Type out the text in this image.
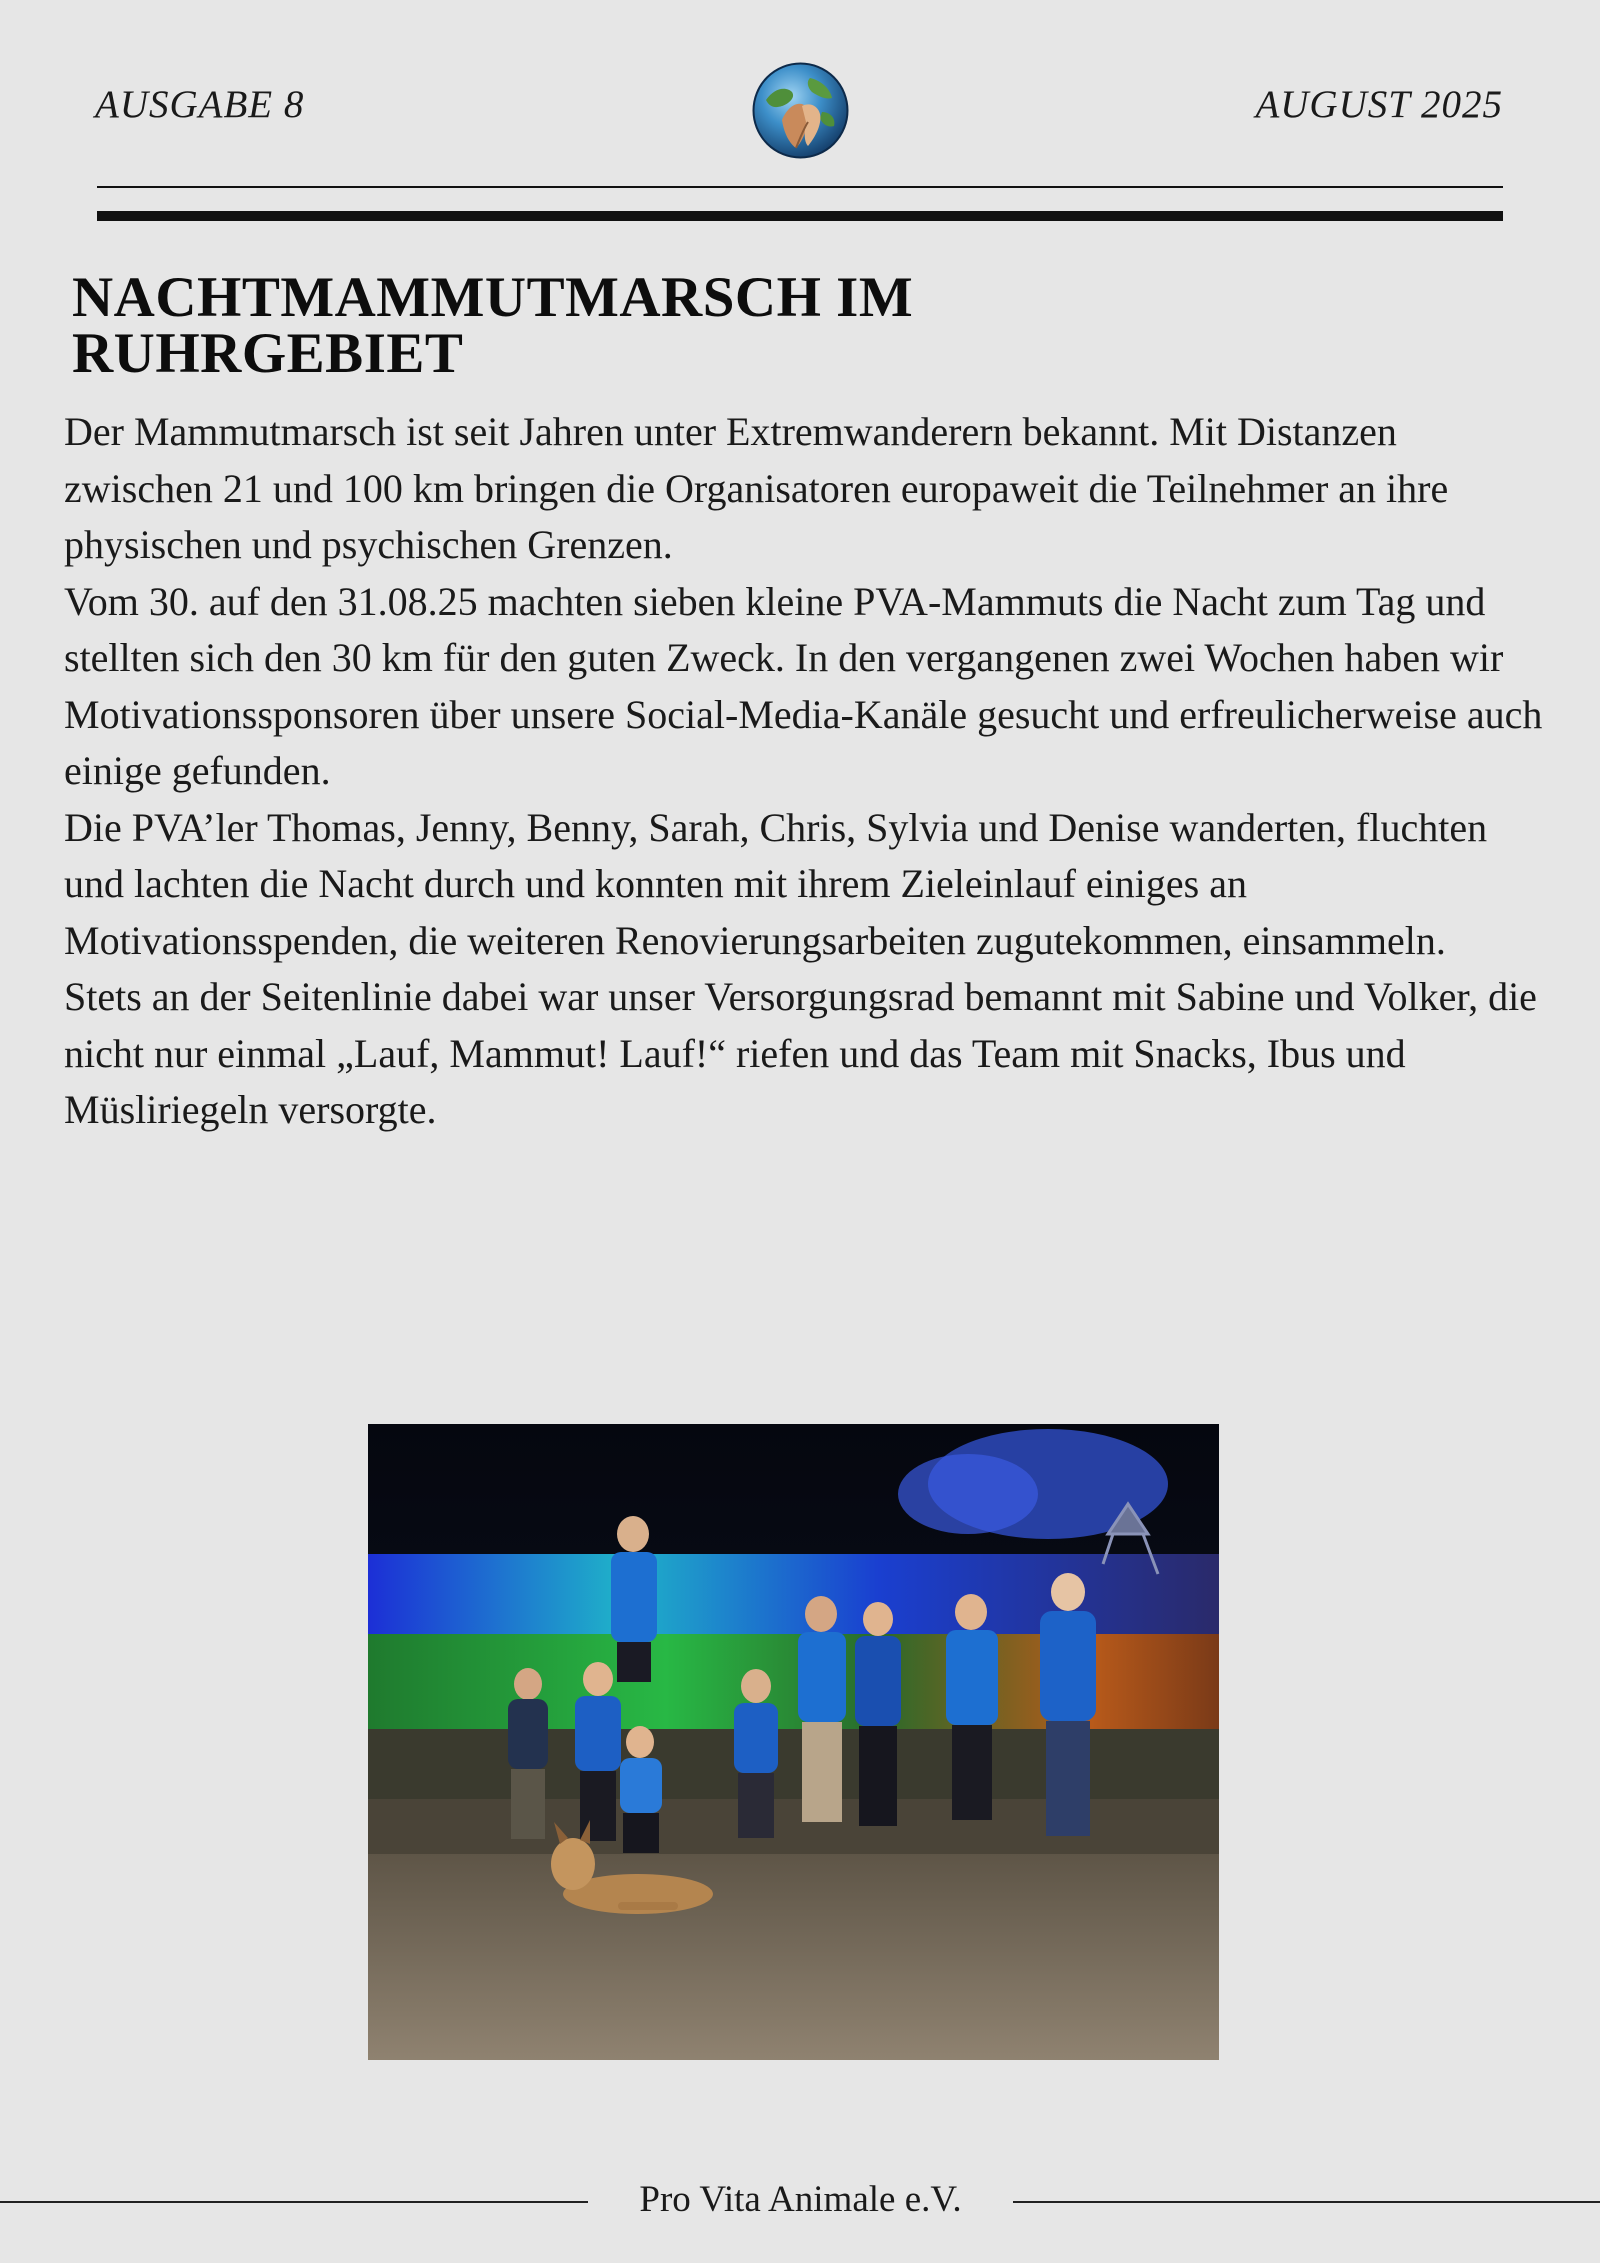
AUSGABE 8	AUGUST 2025
NACHTMAMMUTMARSCH IM RUHRGEBIET

Der Mammutmarsch ist seit Jahren unter Extremwanderern bekannt. Mit Distanzen zwischen 21 und 100 km bringen die Organisatoren europaweit die Teilnehmer an ihre physischen und psychischen Grenzen.

Vom 30. auf den 31.08.25 machten sieben kleine PVA-Mammuts die Nacht zum Tag und stellten sich den 30 km für den guten Zweck. In den vergangenen zwei Wochen haben wir Motivationssponsoren über unsere Social-Media-Kanäle gesucht und erfreulicherweise auch einige gefunden.

Die PVA’ler Thomas, Jenny, Benny, Sarah, Chris, Sylvia und Denise wanderten, fluchten und lachten die Nacht durch und konnten mit ihrem Zieleinlauf einiges an Motivationsspenden, die weiteren Renovierungsarbeiten zugutekommen, einsammeln.

Stets an der Seitenlinie dabei war unser Versorgungsrad bemannt mit Sabine und Volker, die nicht nur einmal „Lauf, Mammut! Lauf!“ riefen und das Team mit Snacks, Ibus und Müsliriegeln versorgte.

Pro Vita Animale e.V.
